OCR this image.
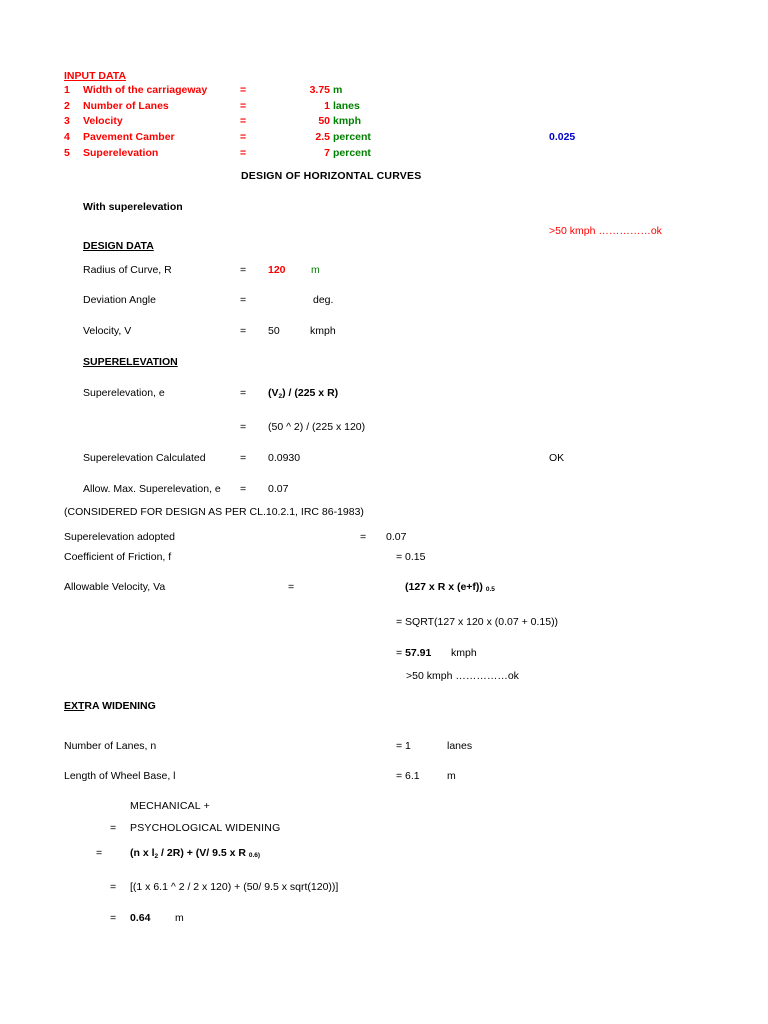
INPUT DATA
1 Width of the carriageway	=	3.75 m
2 Number of Lanes	=	1 lanes
3 Velocity	=	50 kmph
4 Pavement Camber	=	2.5 percent	0.025
5 Superelevation	=	7 percent
DESIGN OF HORIZONTAL CURVES
With superelevation
>50 kmph ……………ok
DESIGN DATA
Radius of Curve, R	= 120 m
Deviation Angle	=	deg.
Velocity, V	= 50	kmph
SUPERELEVATION
Superelevation, e	= $(V_2) / (225$ x R)
= (50 ^ 2) / (225 x 120)
Superelevation Calculated	= 0.0930	OK
Allow. Max. Superelevation, e = 0.07
(CONSIDERED FOR DESIGN AS PER CL.10.2.1, IRC 86-1983)
Superelevation adopted	= 0.07
Coefficient of Friction, f	= 0.15
Allowable Velocity, Va	=	(127 x R x (e+f)) 0.5
= SQRT(127 x 120 x (0.07 + 0.15))
= 57.91 kmph
>50 kmph ……………ok
EXTRA WIDENING
Number of Lanes, n	= 1	lanes
Length of Wheel Base, l	= 6.1	m
MECHANICAL +
= PSYCHOLOGICAL WIDENING
=	(n x $l_2 / 2R) + (V/$ 9.5 x R 0.6)
= [(1 x 6.1 ^ 2 / 2 x 120) + (50/ 9.5 x sqrt(120))]
= 0.64 m
